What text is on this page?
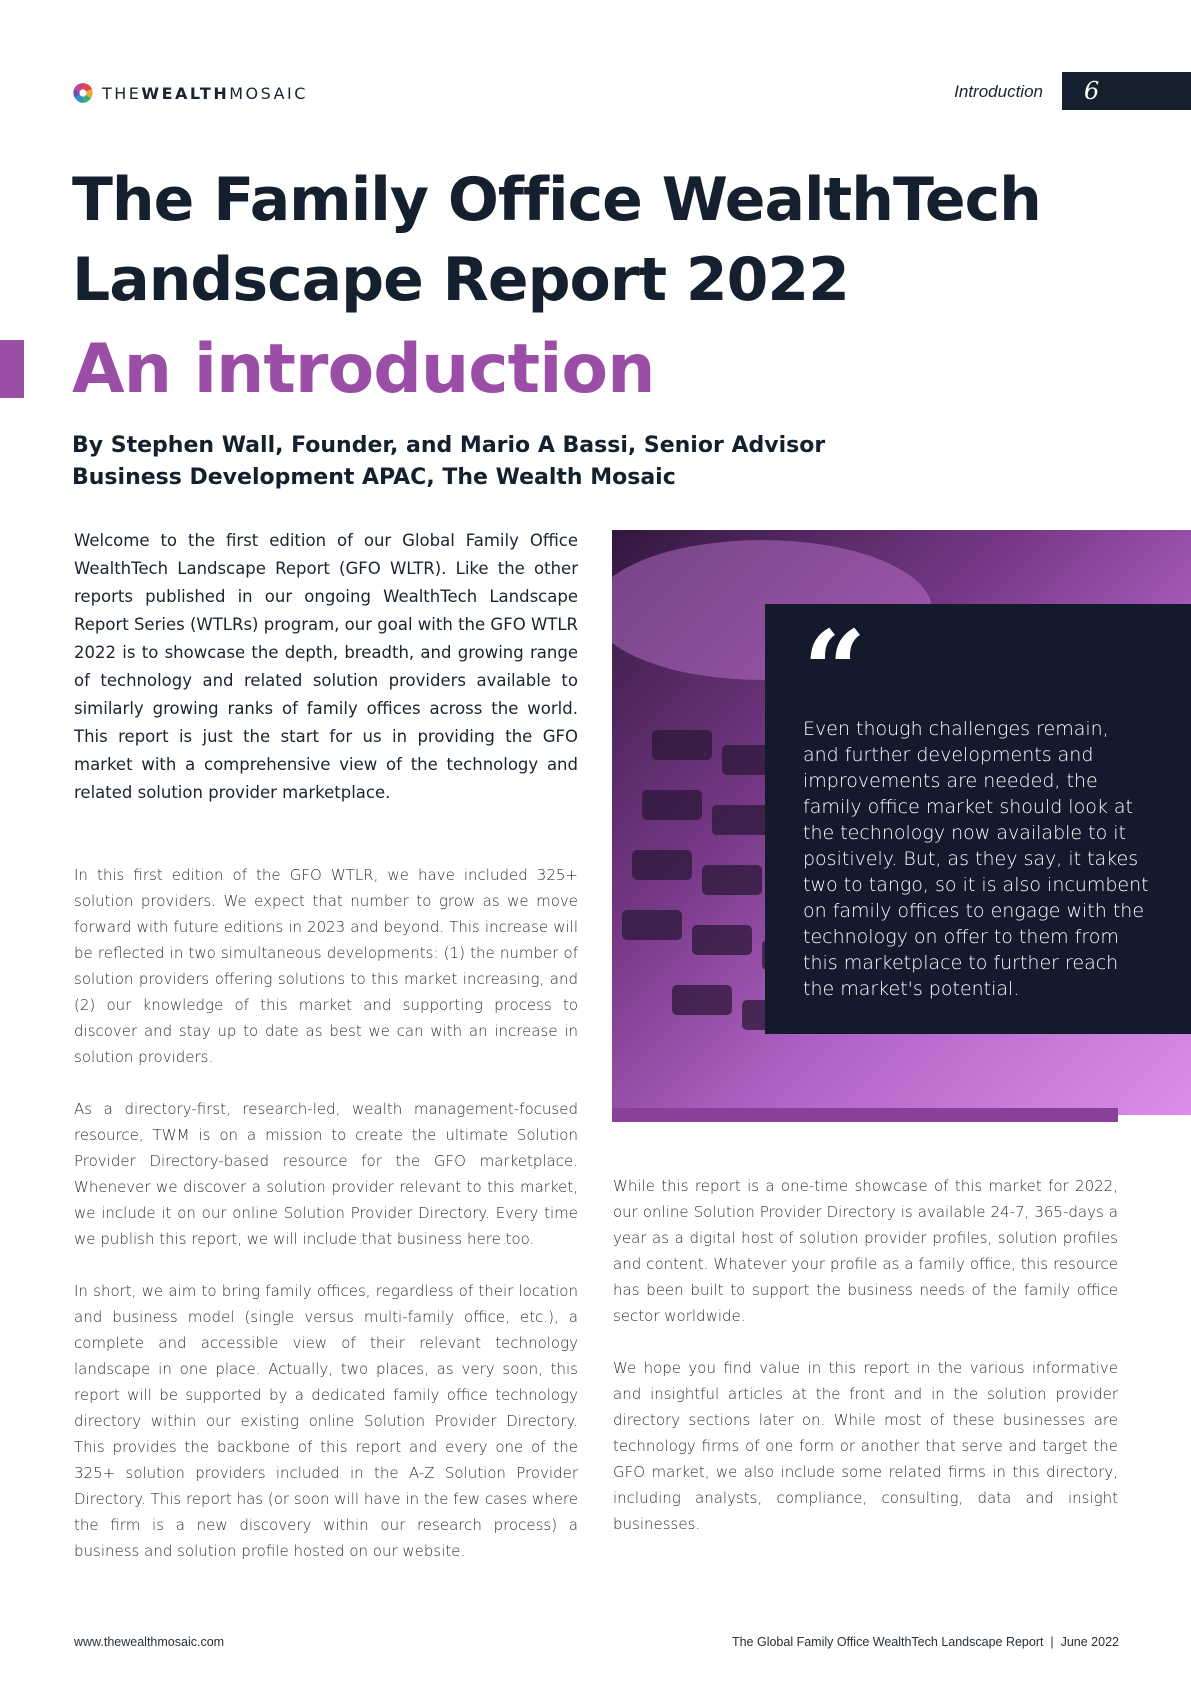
THEWEALTHMOSAIC	Introduction	6
The Family Office WealthTech Landscape Report 2022
An introduction
By Stephen Wall, Founder, and Mario A Bassi, Senior Advisor
Business Development APAC, The Wealth Mosaic
Welcome to the first edition of our Global Family Office WealthTech Landscape Report (GFO WLTR). Like the other reports published in our ongoing WealthTech Landscape Report Series (WTLRs) program, our goal with the GFO WTLR 2022 is to showcase the depth, breadth, and growing range of technology and related solution providers available to similarly growing ranks of family offices across the world. This report is just the start for us in providing the GFO market with a comprehensive view of the technology and related solution provider marketplace.

In this first edition of the GFO WTLR, we have included 325+ solution providers. We expect that number to grow as we move forward with future editions in 2023 and beyond. This increase will be reflected in two simultaneous developments: (1) the number of solution providers offering solutions to this market increasing, and (2) our knowledge of this market and supporting process to discover and stay up to date as best we can with an increase in solution providers.

As a directory-first, research-led, wealth management-focused resource, TWM is on a mission to create the ultimate Solution Provider Directory-based resource for the GFO marketplace. Whenever we discover a solution provider relevant to this market, we include it on our online Solution Provider Directory. Every time we publish this report, we will include that business here too.

In short, we aim to bring family offices, regardless of their location and business model (single versus multi-family office, etc.), a complete and accessible view of their relevant technology landscape in one place. Actually, two places, as very soon, this report will be supported by a dedicated family office technology directory within our existing online Solution Provider Directory. This provides the backbone of this report and every one of the 325+ solution providers included in the A-Z Solution Provider Directory. This report has (or soon will have in the few cases where the firm is a new discovery within our research process) a business and solution profile hosted on our website.

“
Even though challenges remain, and further developments and improvements are needed, the family office market should look at the technology now available to it positively. But, as they say, it takes two to tango, so it is also incumbent on family offices to engage with the technology on offer to them from this marketplace to further reach the market's potential.

While this report is a one-time showcase of this market for 2022, our online Solution Provider Directory is available 24-7, 365-days a year as a digital host of solution provider profiles, solution profiles and content. Whatever your profile as a family office, this resource has been built to support the business needs of the family office sector worldwide.

We hope you find value in this report in the various informative and insightful articles at the front and in the solution provider directory sections later on. While most of these businesses are technology firms of one form or another that serve and target the GFO market, we also include some related firms in this directory, including analysts, compliance, consulting, data and insight businesses.

www.thewealthmosaic.com	The Global Family Office WealthTech Landscape Report  |  June 2022
